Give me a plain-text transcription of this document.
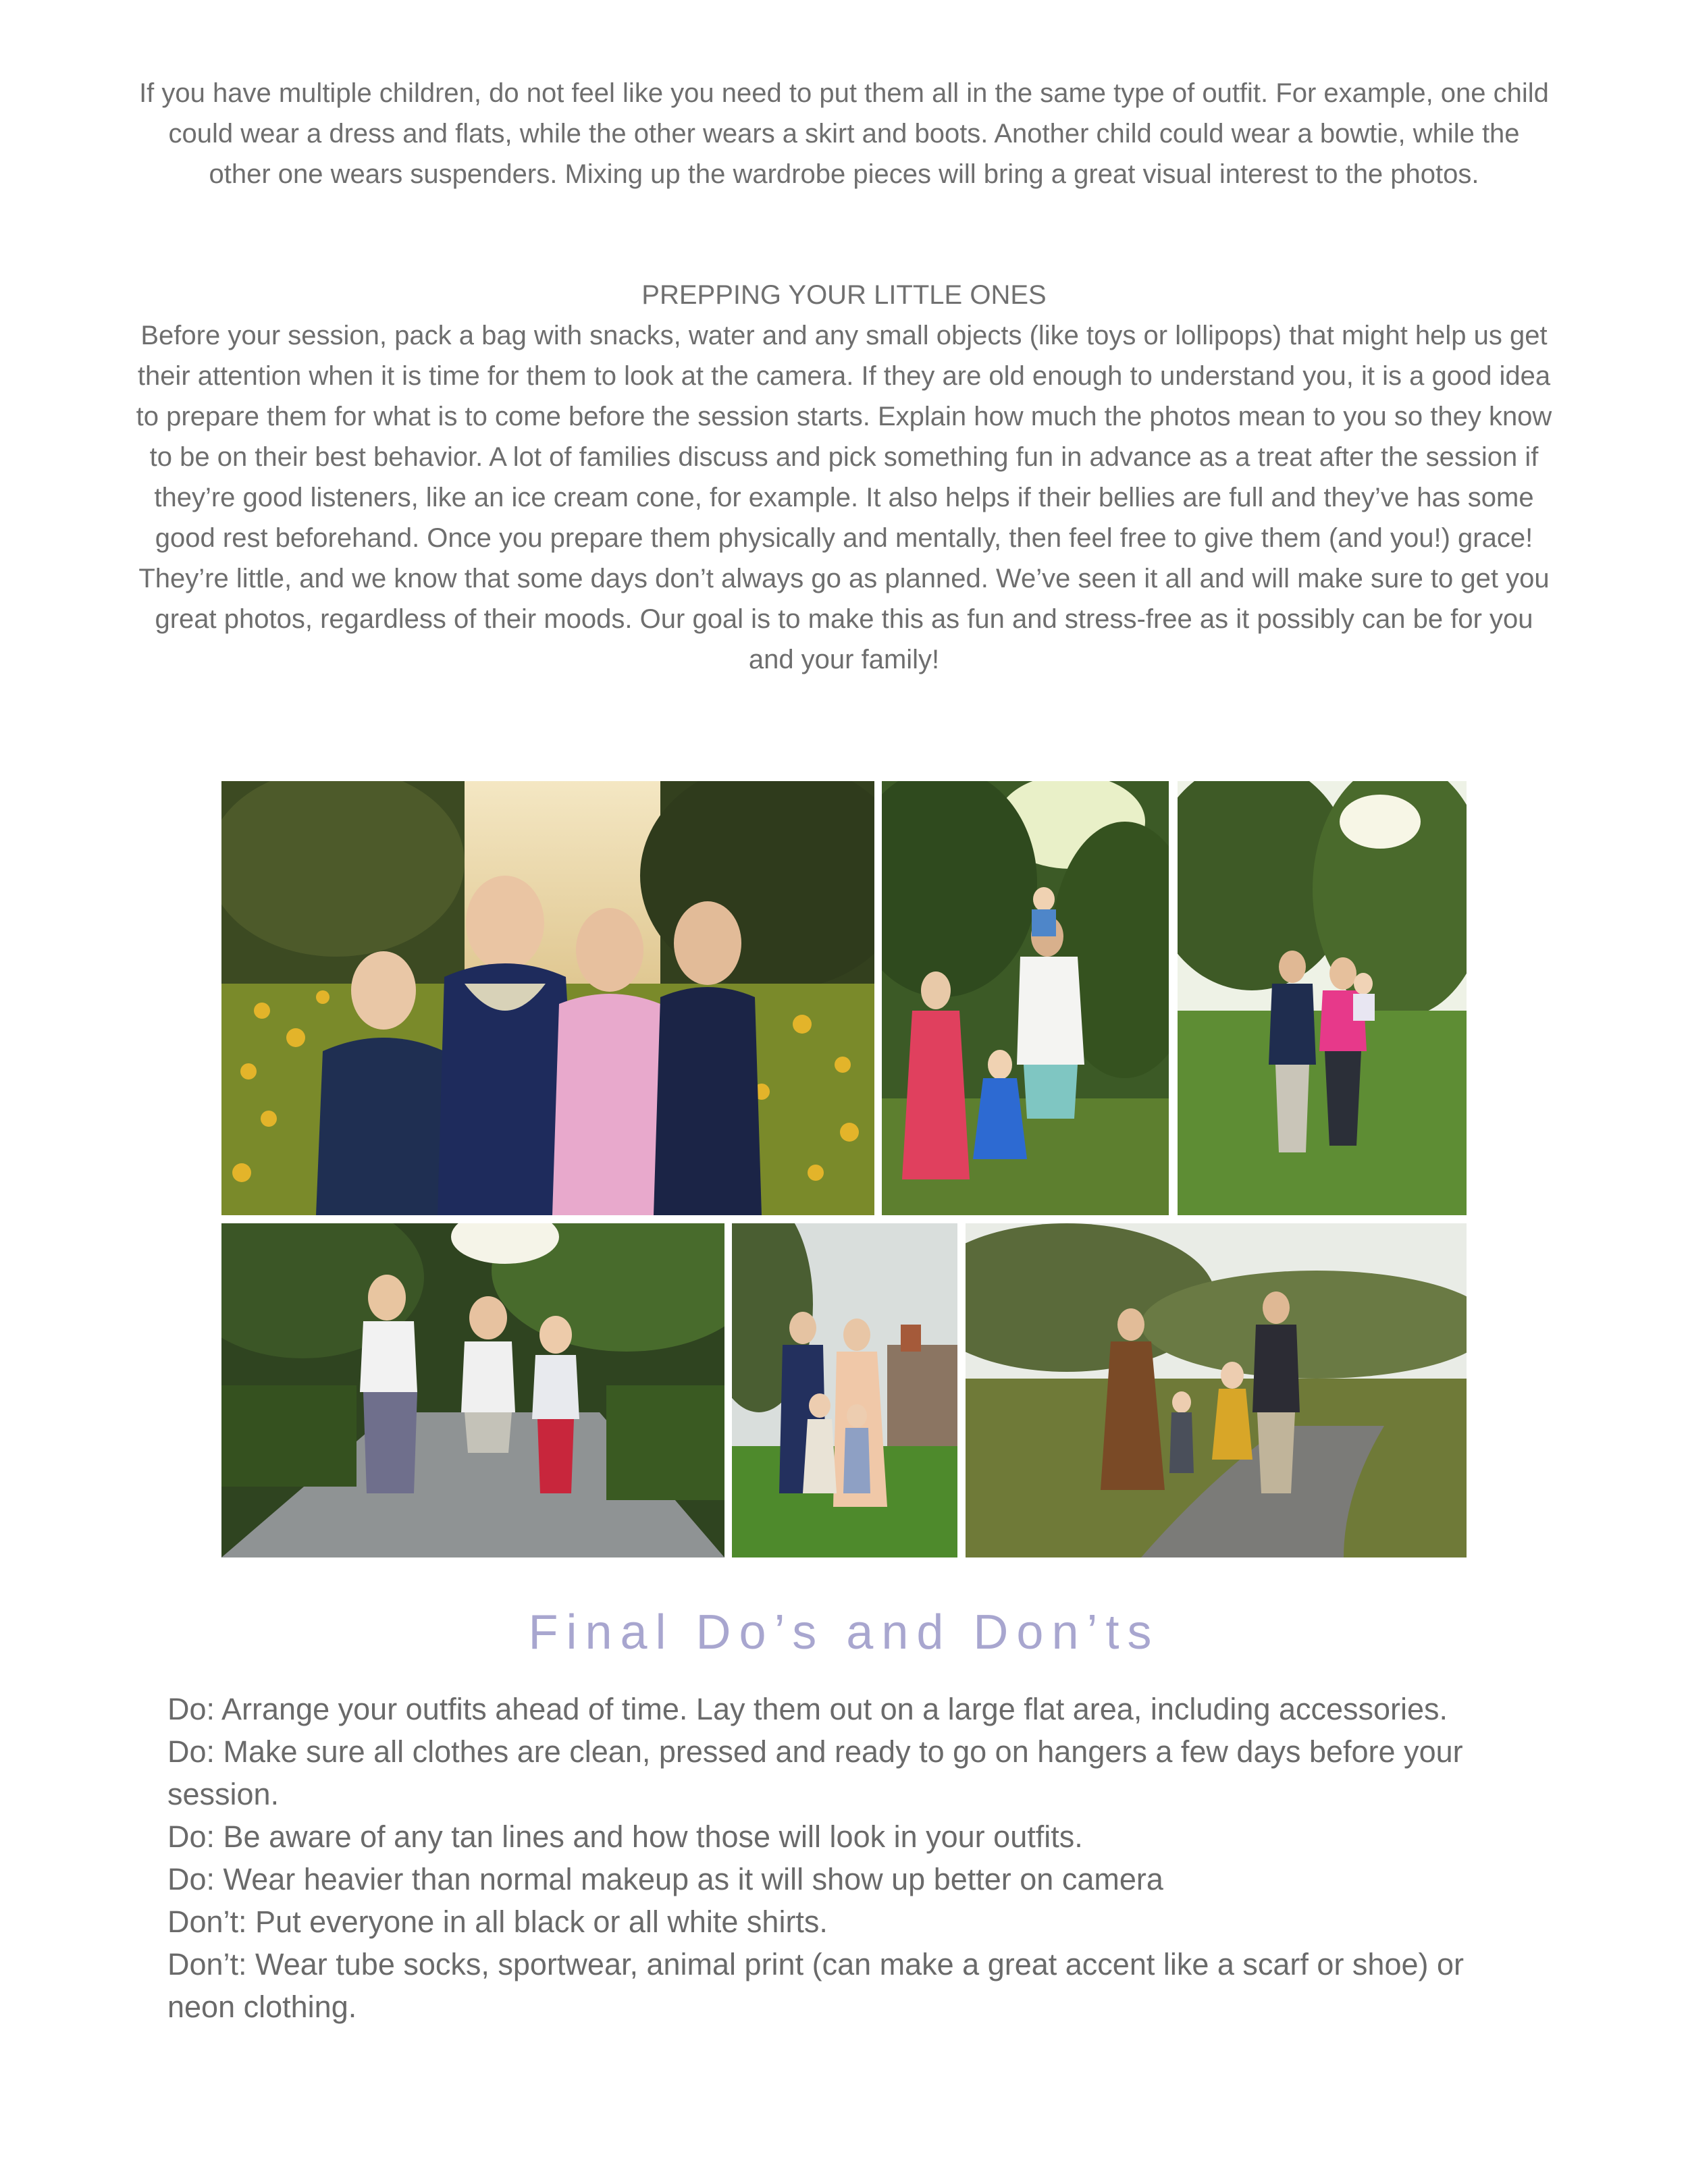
If you have multiple children, do not feel like you need to put them all in the same type of outfit. For example, one child could wear a dress and flats, while the other wears a skirt and boots. Another child could wear a bowtie, while the other one wears suspenders. Mixing up the wardrobe pieces will bring a great visual interest to the photos.

PREPPING YOUR LITTLE ONES

Before your session, pack a bag with snacks, water and any small objects (like toys or lollipops) that might help us get their attention when it is time for them to look at the camera. If they are old enough to understand you, it is a good idea to prepare them for what is to come before the session starts. Explain how much the photos mean to you so they know to be on their best behavior. A lot of families discuss and pick something fun in advance as a treat after the session if they’re good listeners, like an ice cream cone, for example. It also helps if their bellies are full and they’ve has some good rest beforehand. Once you prepare them physically and mentally, then feel free to give them (and you!) grace! They’re little, and we know that some days don’t always go as planned. We’ve seen it all and will make sure to get you great photos, regardless of their moods. Our goal is to make this as fun and stress-free as it possibly can be for you and your family!

Final Do’s and Don’ts
Do: Arrange your outfits ahead of time. Lay them out on a large flat area, including accessories.
Do: Make sure all clothes are clean, pressed and ready to go on hangers a few days before your session.
Do: Be aware of any tan lines and how those will look in your outfits.
Do: Wear heavier than normal makeup as it will show up better on camera
Don’t: Put everyone in all black or all white shirts.
Don’t: Wear tube socks, sportwear, animal print (can make a great accent like a scarf or shoe) or neon clothing.
